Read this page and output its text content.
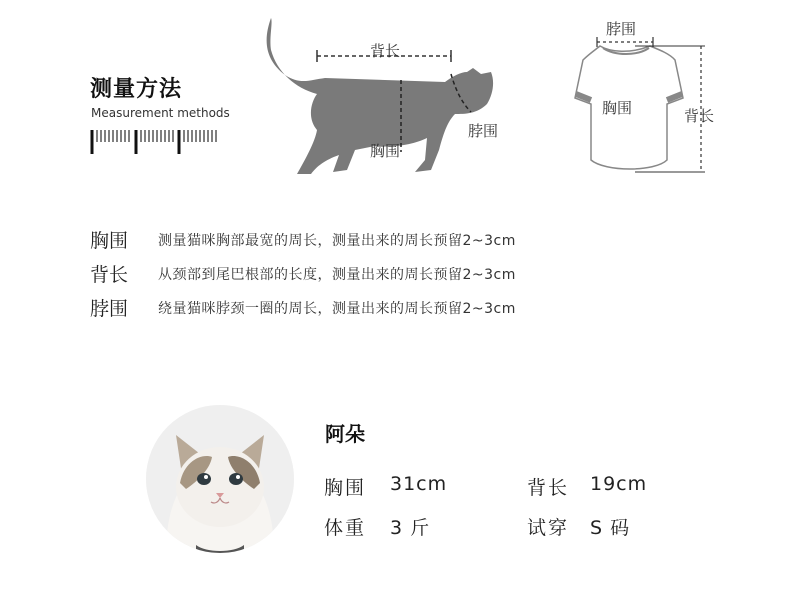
测量方法
Measurement methods
背长
脖围
胸围
脖围
胸围	背长
胸围 测量猫咪胸部最宽的周长，测量出来的周长预留2~3cm
背长 从颈部到尾巴根部的长度，测量出来的周长预留2~3cm
脖围 绕量猫咪脖颈一圈的周长，测量出来的周长预留2~3cm
阿朵
胸围 31cm	背长 19cm
体重 3 斤	试穿 S 码
